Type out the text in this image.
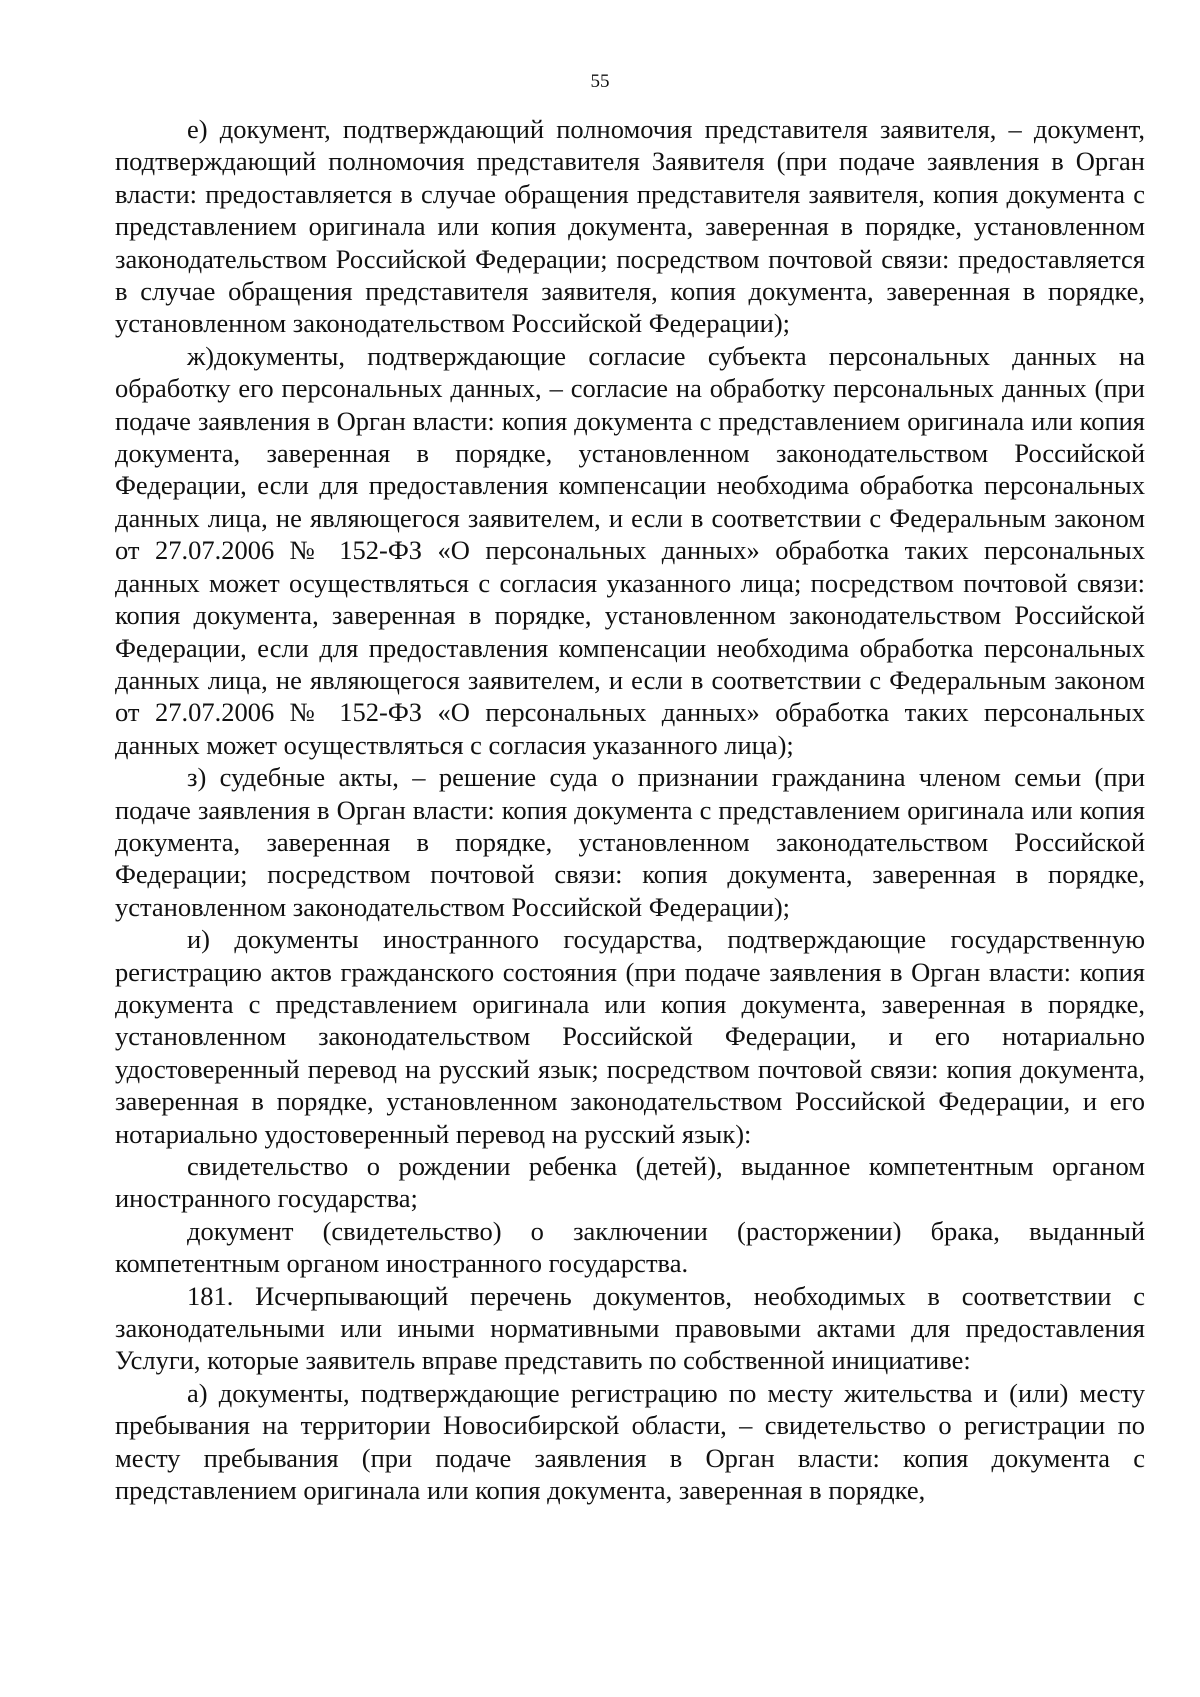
55

е) документ, подтверждающий полномочия представителя заявителя, – документ, подтверждающий полномочия представителя Заявителя (при подаче заявления в Орган власти: предоставляется в случае обращения представителя заявителя, копия документа с представлением оригинала или копия документа, заверенная в порядке, установленном законодательством Российской Федерации; посредством почтовой связи: предоставляется в случае обращения представителя заявителя, копия документа, заверенная в порядке, установленном законодательством Российской Федерации);

ж)документы, подтверждающие согласие субъекта персональных данных на обработку его персональных данных, – согласие на обработку персональных данных (при подаче заявления в Орган власти: копия документа с представлением оригинала или копия документа, заверенная в порядке, установленном законодательством Российской Федерации, если для предоставления компенсации необходима обработка персональных данных лица, не являющегося заявителем, и если в соответствии с Федеральным законом от 27.07.2006 № 152-ФЗ «О персональных данных» обработка таких персональных данных может осуществляться с согласия указанного лица; посредством почтовой связи: копия документа, заверенная в порядке, установленном законодательством Российской Федерации, если для предоставления компенсации необходима обработка персональных данных лица, не являющегося заявителем, и если в соответствии с Федеральным законом от 27.07.2006 № 152-ФЗ «О персональных данных» обработка таких персональных данных может осуществляться с согласия указанного лица);

з) судебные акты, – решение суда о признании гражданина членом семьи (при подаче заявления в Орган власти: копия документа с представлением оригинала или копия документа, заверенная в порядке, установленном законодательством Российской Федерации; посредством почтовой связи: копия документа, заверенная в порядке, установленном законодательством Российской Федерации);

и) документы иностранного государства, подтверждающие государственную регистрацию актов гражданского состояния (при подаче заявления в Орган власти: копия документа с представлением оригинала или копия документа, заверенная в порядке, установленном законодательством Российской Федерации, и его нотариально удостоверенный перевод на русский язык; посредством почтовой связи: копия документа, заверенная в порядке, установленном законодательством Российской Федерации, и его нотариально удостоверенный перевод на русский язык):

свидетельство о рождении ребенка (детей), выданное компетентным органом иностранного государства;

документ (свидетельство) о заключении (расторжении) брака, выданный компетентным органом иностранного государства.

181. Исчерпывающий перечень документов, необходимых в соответствии с законодательными или иными нормативными правовыми актами для предоставления Услуги, которые заявитель вправе представить по собственной инициативе:

а) документы, подтверждающие регистрацию по месту жительства и (или) месту пребывания на территории Новосибирской области, – свидетельство о регистрации по месту пребывания (при подаче заявления в Орган власти: копия документа с представлением оригинала или копия документа, заверенная в порядке,
